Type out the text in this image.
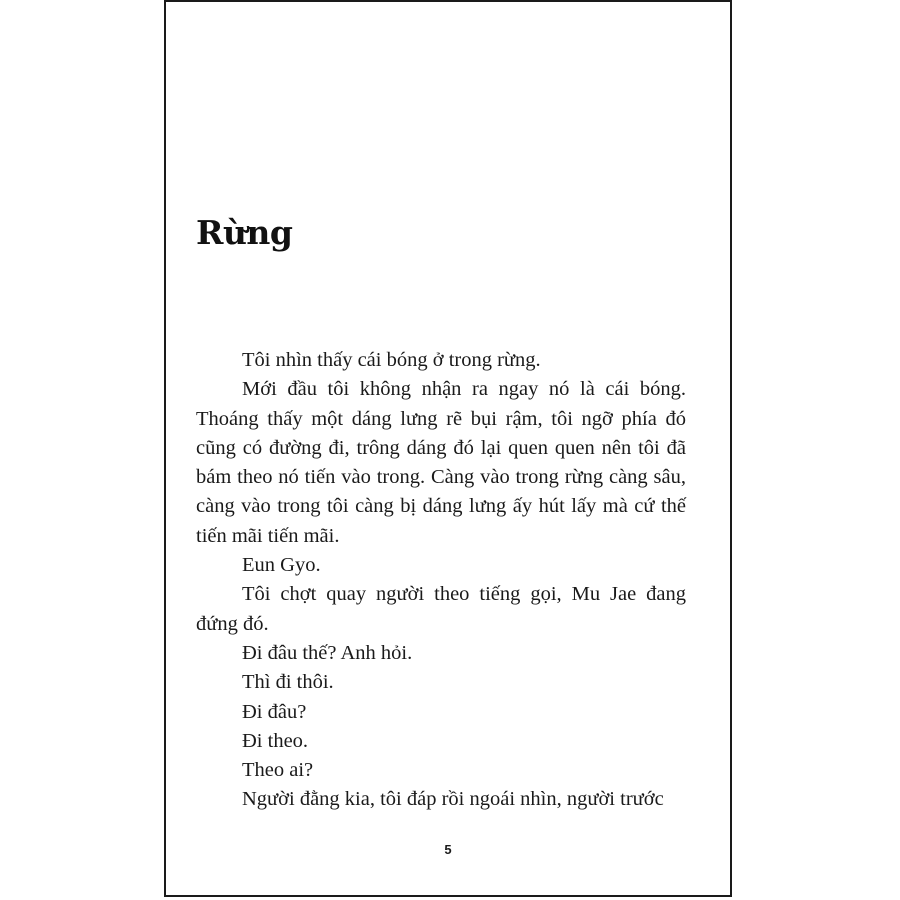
Rừng

Tôi nhìn thấy cái bóng ở trong rừng.

Mới đầu tôi không nhận ra ngay nó là cái bóng. Thoáng thấy một dáng lưng rẽ bụi rậm, tôi ngỡ phía đó cũng có đường đi, trông dáng đó lại quen quen nên tôi đã bám theo nó tiến vào trong. Càng vào trong rừng càng sâu, càng vào trong tôi càng bị dáng lưng ấy hút lấy mà cứ thế tiến mãi tiến mãi.

Eun Gyo.

Tôi chợt quay người theo tiếng gọi, Mu Jae đang đứng đó.

Đi đâu thế? Anh hỏi.

Thì đi thôi.

Đi đâu?

Đi theo.

Theo ai?

Người đằng kia, tôi đáp rồi ngoái nhìn, người trước

5
